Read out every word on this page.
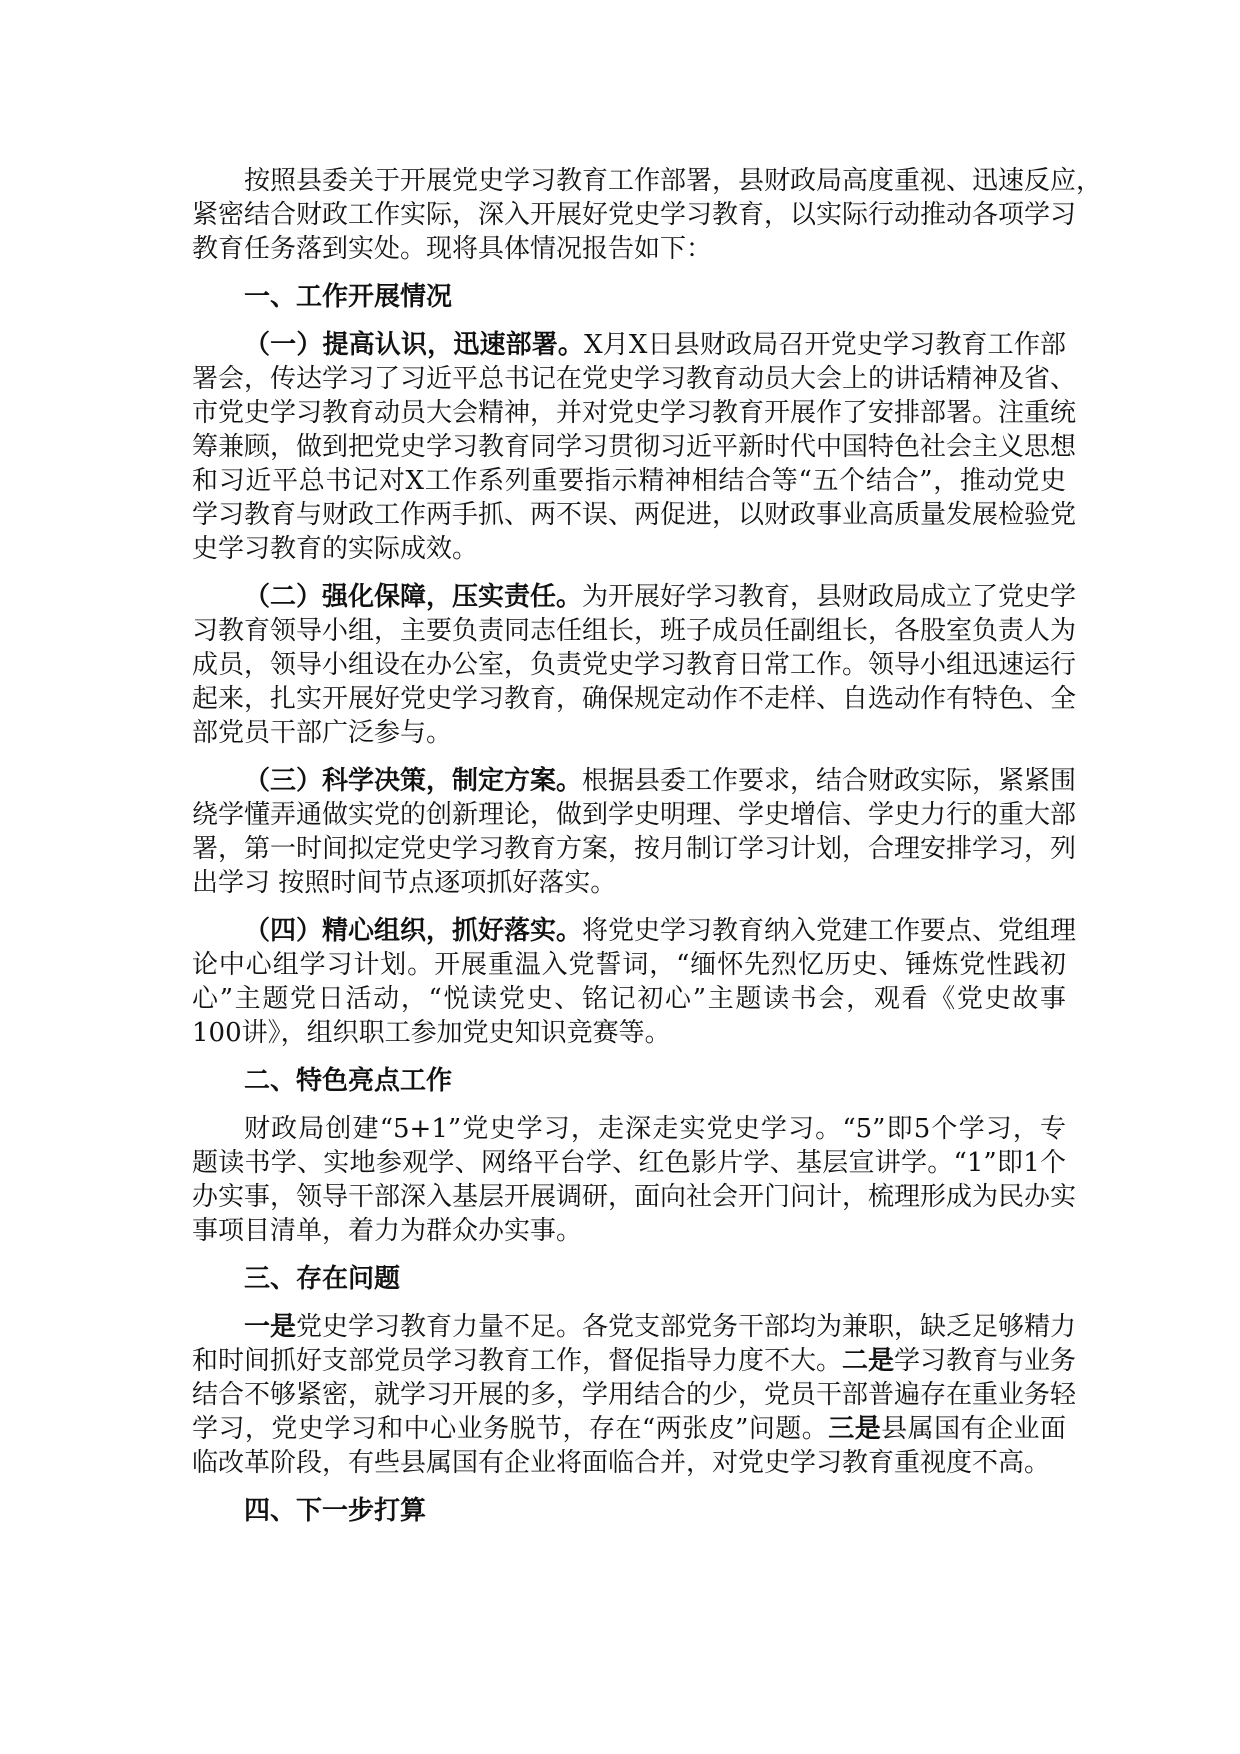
按照县委关于开展党史学习教育工作部署，县财政局高度重视、迅速反应，
紧密结合财政工作实际，深入开展好党史学习教育，以实际行动推动各项学习
教育任务落到实处。现将具体情况报告如下：
一、工作开展情况
（一）提高认识，迅速部署。X月X日县财政局召开党史学习教育工作部
署会，传达学习了习近平总书记在党史学习教育动员大会上的讲话精神及省、
市党史学习教育动员大会精神，并对党史学习教育开展作了安排部署。注重统
筹兼顾，做到把党史学习教育同学习贯彻习近平新时代中国特色社会主义思想
和习近平总书记对X工作系列重要指示精神相结合等“五个结合”，推动党史
学习教育与财政工作两手抓、两不误、两促进，以财政事业高质量发展检验党
史学习教育的实际成效。
（二）强化保障，压实责任。为开展好学习教育，县财政局成立了党史学
习教育领导小组，主要负责同志任组长，班子成员任副组长，各股室负责人为
成员，领导小组设在办公室，负责党史学习教育日常工作。领导小组迅速运行
起来，扎实开展好党史学习教育，确保规定动作不走样、自选动作有特色、全
部党员干部广泛参与。
（三）科学决策，制定方案。根据县委工作要求，结合财政实际，紧紧围
绕学懂弄通做实党的创新理论，做到学史明理、学史增信、学史力行的重大部
署，第一时间拟定党史学习教育方案，按月制订学习计划，合理安排学习，列
出学习 按照时间节点逐项抓好落实。
（四）精心组织，抓好落实。将党史学习教育纳入党建工作要点、党组理
论中心组学习计划。开展重温入党誓词，“缅怀先烈忆历史、锤炼党性践初
心”主题党日活动，“悦读党史、铭记初心”主题读书会，观看《党史故事
100讲》，组织职工参加党史知识竞赛等。
二、特色亮点工作
财政局创建“5+1”党史学习，走深走实党史学习。“5”即5个学习，专
题读书学、实地参观学、网络平台学、红色影片学、基层宣讲学。“1”即1个
办实事，领导干部深入基层开展调研，面向社会开门问计，梳理形成为民办实
事项目清单，着力为群众办实事。
三、存在问题
一是党史学习教育力量不足。各党支部党务干部均为兼职，缺乏足够精力
和时间抓好支部党员学习教育工作，督促指导力度不大。二是学习教育与业务
结合不够紧密，就学习开展的多，学用结合的少，党员干部普遍存在重业务轻
学习，党史学习和中心业务脱节，存在“两张皮”问题。三是县属国有企业面
临改革阶段，有些县属国有企业将面临合并，对党史学习教育重视度不高。
四、下一步打算
